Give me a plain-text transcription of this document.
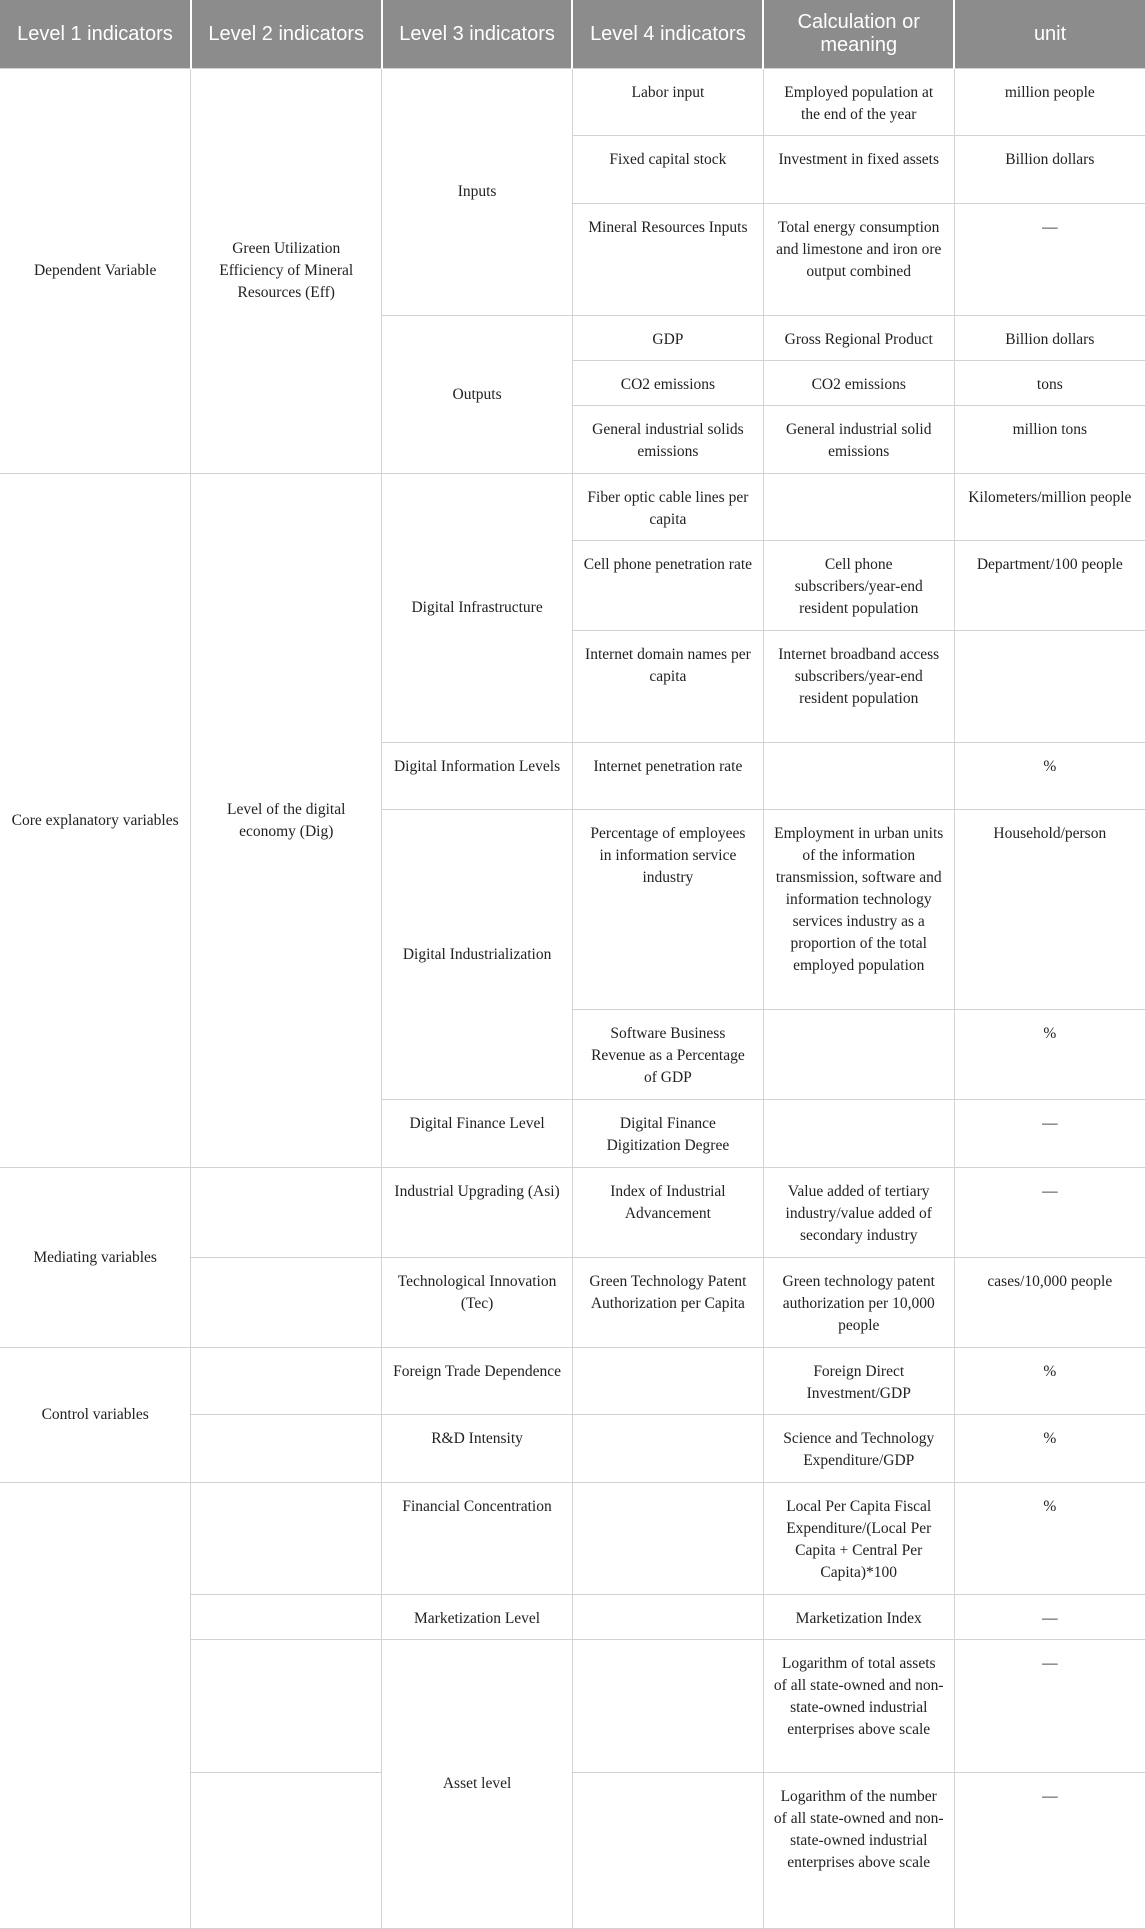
Level 1 indicators	Level 2 indicators	Level 3 indicators	Level 4 indicators	Calculation or meaning	unit
Dependent Variable	Green Utilization Efficiency of Mineral Resources (Eff)	Inputs	Labor input	Employed population at the end of the year	million people
			Fixed capital stock	Investment in fixed assets	Billion dollars
			Mineral Resources Inputs	Total energy consumption and limestone and iron ore output combined	—
		Outputs	GDP	Gross Regional Product	Billion dollars
			CO2 emissions	CO2 emissions	tons
			General industrial solids emissions	General industrial solid emissions	million tons
Core explanatory variables	Level of the digital economy (Dig)	Digital Infrastructure	Fiber optic cable lines per capita		Kilometers/million people
			Cell phone penetration rate	Cell phone subscribers/year-end resident population	Department/100 people
			Internet domain names per capita	Internet broadband access subscribers/year-end resident population	
		Digital Information Levels	Internet penetration rate		%
		Digital Industrialization	Percentage of employees in information service industry	Employment in urban units of the information transmission, software and information technology services industry as a proportion of the total employed population	Household/person
			Software Business Revenue as a Percentage of GDP		%
		Digital Finance Level	Digital Finance Digitization Degree		—
Mediating variables		Industrial Upgrading (Asi)	Index of Industrial Advancement	Value added of tertiary industry/value added of secondary industry	—
		Technological Innovation (Tec)	Green Technology Patent Authorization per Capita	Green technology patent authorization per 10,000 people	cases/10,000 people
Control variables		Foreign Trade Dependence		Foreign Direct Investment/GDP	%
		R&D Intensity		Science and Technology Expenditure/GDP	%
		Financial Concentration		Local Per Capita Fiscal Expenditure/(Local Per Capita + Central Per Capita)*100	%
		Marketization Level		Marketization Index	—
		Asset level		Logarithm of total assets of all state-owned and non-state-owned industrial enterprises above scale	—
				Logarithm of the number of all state-owned and non-state-owned industrial enterprises above scale	—
